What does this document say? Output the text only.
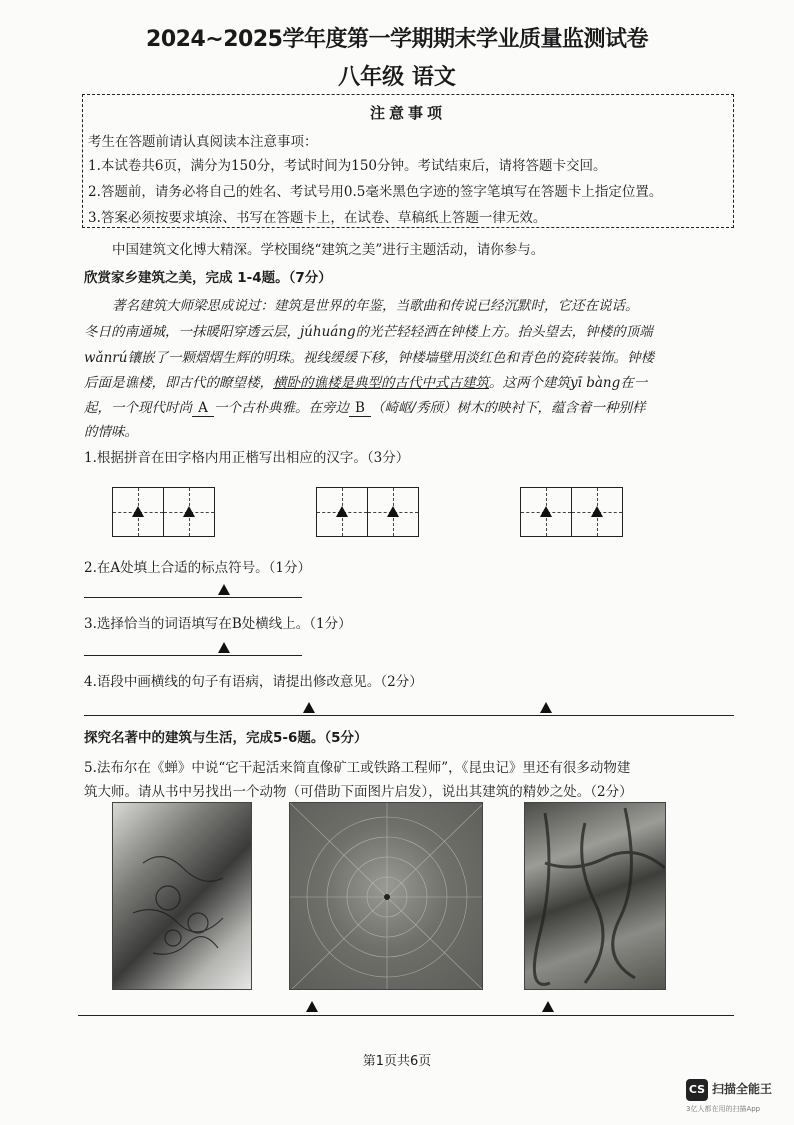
2024~2025学年度第一学期期末学业质量监测试卷
八年级 语文
注意事项
考生在答题前请认真阅读本注意事项：
1.本试卷共6页，满分为150分，考试时间为150分钟。考试结束后，请将答题卡交回。
2.答题前，请务必将自己的姓名、考试号用0.5毫米黑色字迹的签字笔填写在答题卡上指定位置。
3.答案必须按要求填涂、书写在答题卡上，在试卷、草稿纸上答题一律无效。
中国建筑文化博大精深。学校围绕“建筑之美”进行主题活动，请你参与。
欣赏家乡建筑之美，完成 1-4题。（7分）
著名建筑大师梁思成说过：建筑是世界的年鉴，当歌曲和传说已经沉默时，它还在说话。
冬日的南通城，一抹暖阳穿透云层，júhuáng的光芒轻轻洒在钟楼上方。抬头望去，钟楼的顶端
wǎnrú镶嵌了一颗熠熠生辉的明珠。视线缓缓下移，钟楼墙壁用淡红色和青色的瓷砖装饰。钟楼
后面是谯楼，即古代的瞭望楼，横卧的谯楼是典型的古代中式古建筑。这两个建筑yī bàng在一
起，一个现代时尚 A 一个古朴典雅。在旁边 B （崎岖/秀颀）树木的映衬下，蕴含着一种别样
的情味。
1.根据拼音在田字格内用正楷写出相应的汉字。（3分）
2.在A处填上合适的标点符号。（1分）
3.选择恰当的词语填写在B处横线上。（1分）
4.语段中画横线的句子有语病，请提出修改意见。（2分）
探究名著中的建筑与生活，完成5-6题。（5分）
5.法布尔在《蝉》中说“它干起活来简直像矿工或铁路工程师”，《昆虫记》里还有很多动物建
筑大师。请从书中另找出一个动物（可借助下面图片启发），说出其建筑的精妙之处。（2分）
第1页共6页
CS 扫描全能王
3亿人都在用的扫描App
